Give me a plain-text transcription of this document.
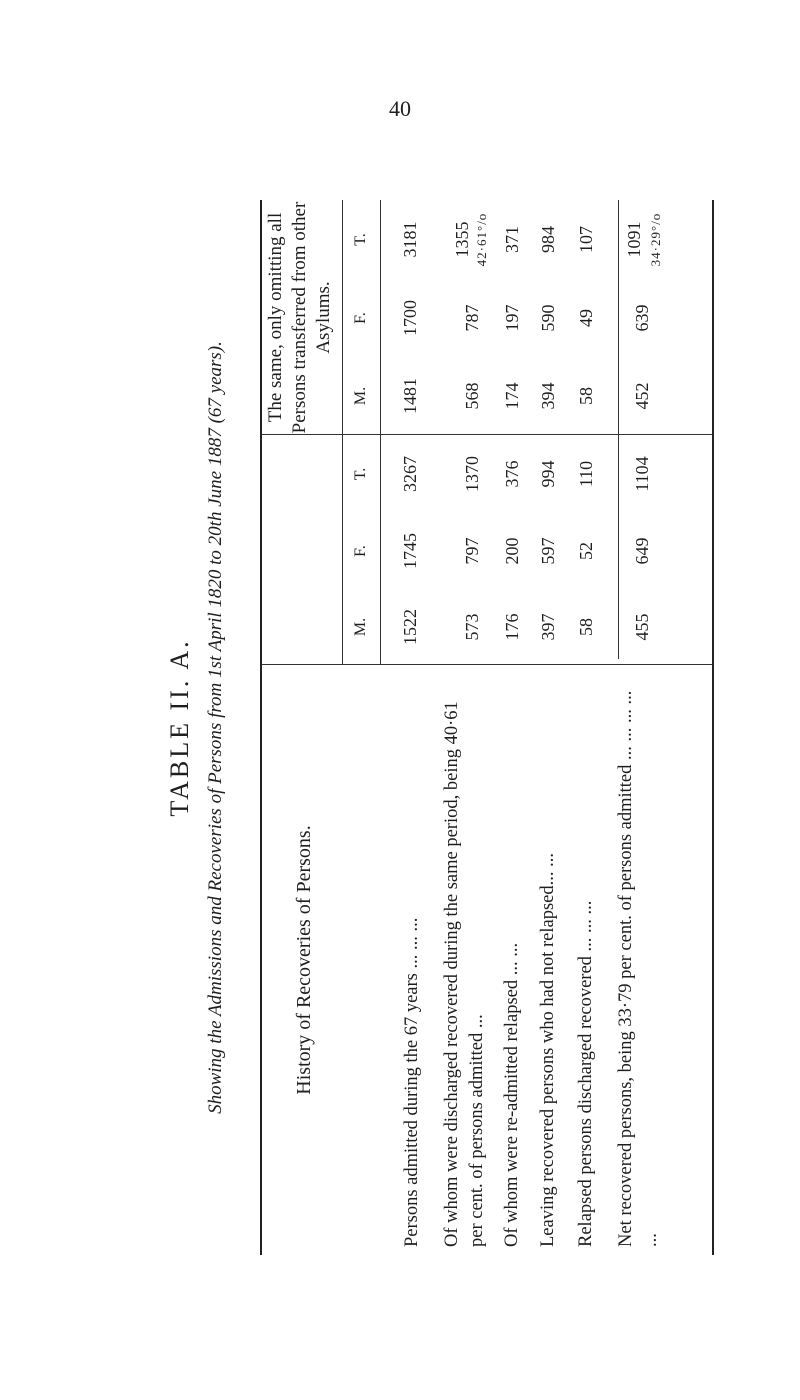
40
TABLE II. A. Showing the Admissions and Recoveries of Persons from 1st April 1820 to 20th June 1887 (67 years).	History of Recoveries of Persons.
The same, only omitting all Persons transferred from other Asylums.
M.
F.
T.
M.
F.
T.
Persons admitted during the 67 years ... ... ... Of whom were discharged recovered during the same period, being 40·61 per cent. of persons admitted ... Of whom were re-admitted relapsed ... ... Leaving recovered persons who had not relapsed... ... Relapsed persons discharged recovered ... ... ... Net recovered persons, being 33·79 per cent. of persons admitted ... ... ... ... ...
1522
1745
3267
1481
1700
3181
573
797
1370
568
787
1355 42·61°/o
176
200
376
174
197
371
397
597
994
394
590
984
58
52
110
58
49
107
455
649
1104
452
639
1091 34·29°/o
